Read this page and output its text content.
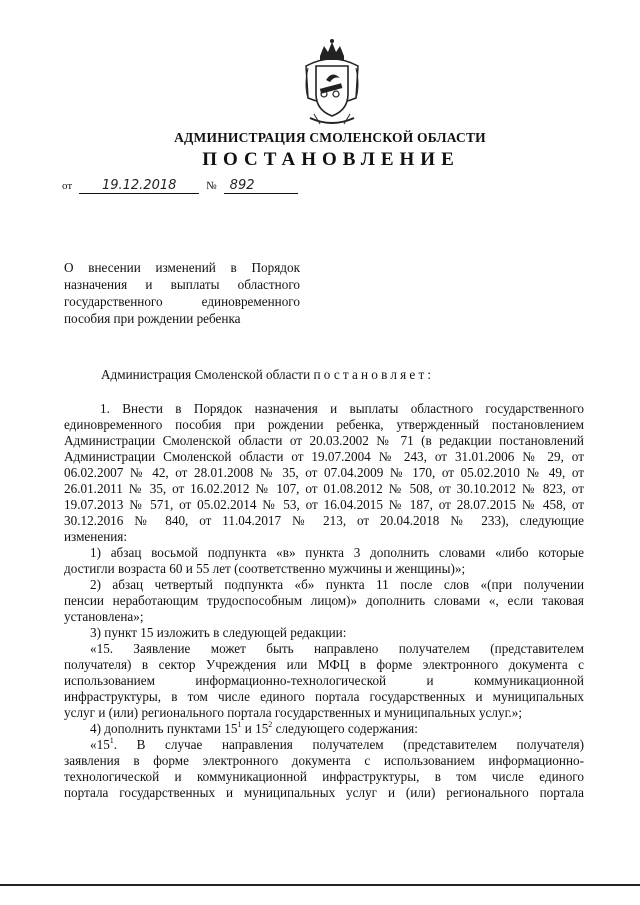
АДМИНИСТРАЦИЯ СМОЛЕНСКОЙ ОБЛАСТИ
ПОСТАНОВЛЕНИЕ
от 19.12.2018	№ 892
О внесении изменений в Порядок
назначения и выплаты областного
государственного единовременного
пособия при рождении ребенка
Администрация Смоленской области постановляет:
1. Внести в Порядок назначения и выплаты областного государственного
единовременного пособия при рождении ребенка, утвержденный постановлением
Администрации Смоленской области от 20.03.2002 № 71 (в редакции постановлений
Администрации Смоленской области от 19.07.2004 № 243, от 31.01.2006 № 29, от
06.02.2007 № 42, от 28.01.2008 № 35, от 07.04.2009 № 170, от 05.02.2010 № 49, от
26.01.2011 № 35, от 16.02.2012 № 107, от 01.08.2012 № 508, от 30.10.2012 № 823, от
19.07.2013 № 571, от 05.02.2014 № 53, от 16.04.2015 № 187, от 28.07.2015 № 458, от
30.12.2016 № 840, от 11.04.2017 № 213, от 20.04.2018 № 233), следующие
изменения:
1) абзац восьмой подпункта «в» пункта 3 дополнить словами «либо которые
достигли возраста 60 и 55 лет (соответственно мужчины и женщины)»;
2) абзац четвертый подпункта «б» пункта 11 после слов «(при получении
пенсии неработающим трудоспособным лицом)» дополнить словами «, если таковая
установлена»;
3) пункт 15 изложить в следующей редакции:
«15. Заявление может быть направлено получателем (представителем
получателя) в сектор Учреждения или МФЦ в форме электронного документа с
использованием информационно-технологической и коммуникационной
инфраструктуры, в том числе единого портала государственных и муниципальных
услуг и (или) регионального портала государственных и муниципальных услуг.»;
4) дополнить пунктами $15^1$ и $15^2$ следующего содержания:
«$15^1$. В случае направления получателем (представителем получателя)
заявления в форме электронного документа с использованием информационно-
технологической и коммуникационной инфраструктуры, в том числе единого
портала государственных и муниципальных услуг и (или) регионального портала
